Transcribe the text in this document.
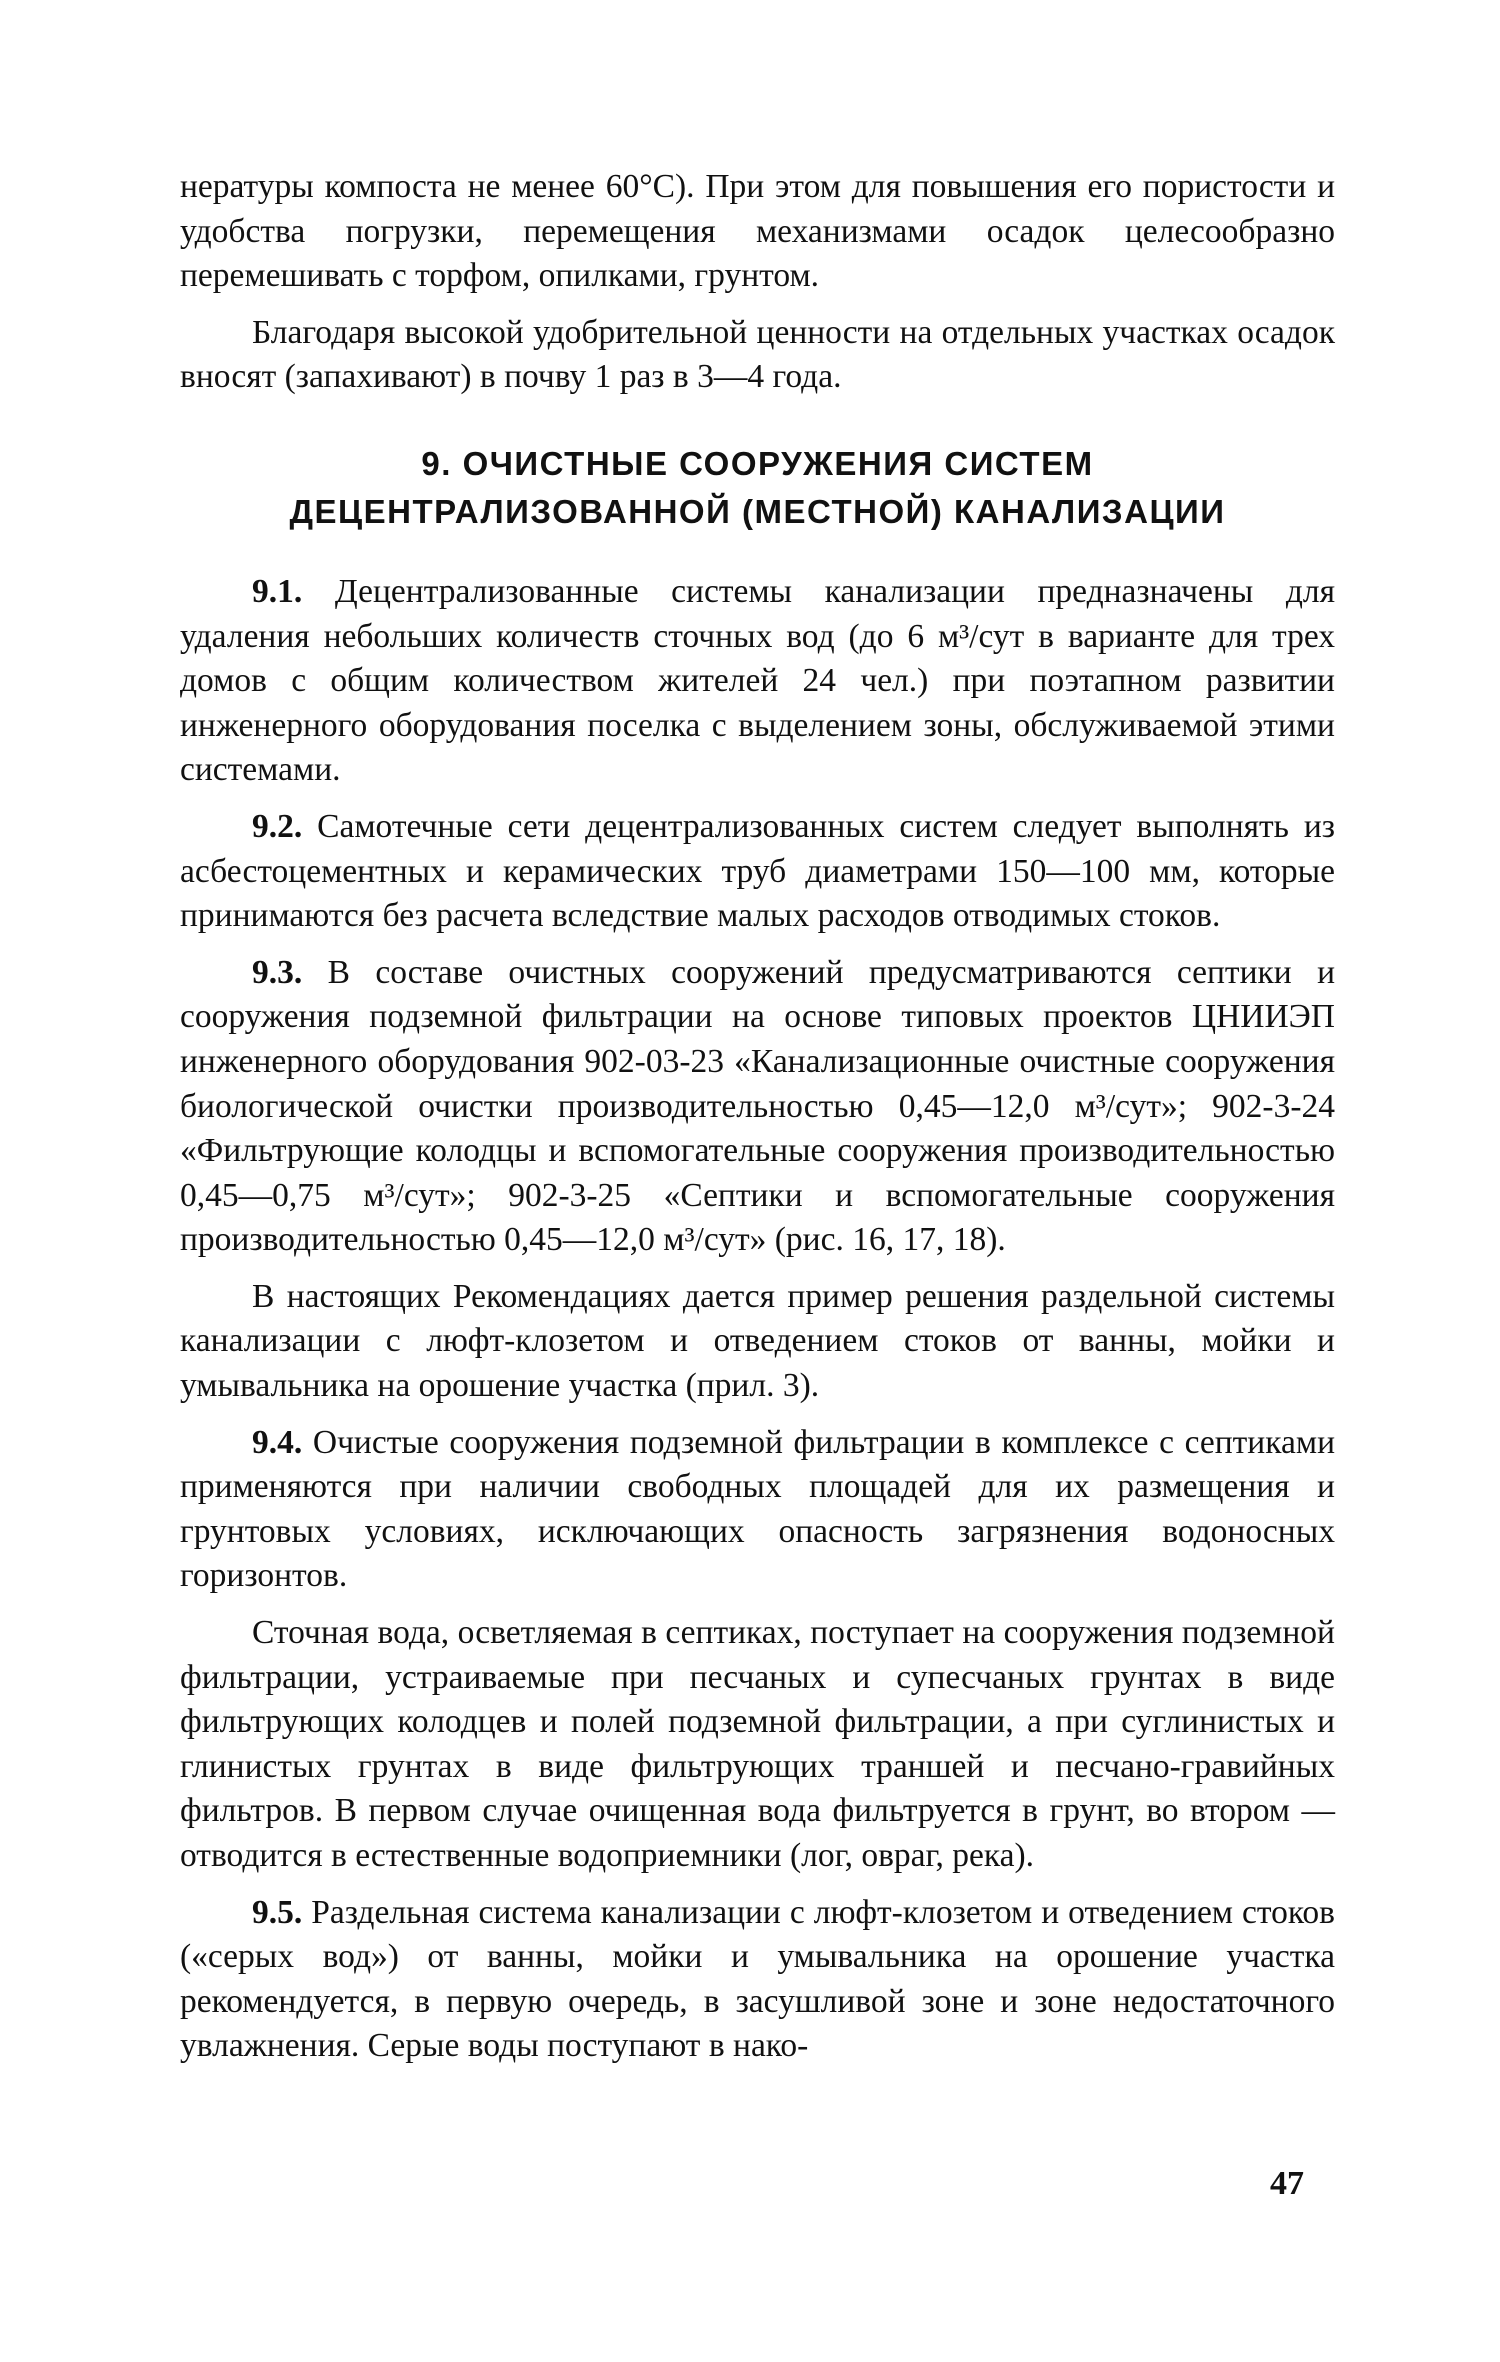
нературы компоста не менее 60°С). При этом для повышения его пористости и удобства погрузки, перемещения механизмами осадок целесообразно перемешивать с торфом, опилками, грунтом.

Благодаря высокой удобрительной ценности на отдельных участках осадок вносят (запахивают) в почву 1 раз в 3—4 года.

9. ОЧИСТНЫЕ СООРУЖЕНИЯ СИСТЕМ
ДЕЦЕНТРАЛИЗОВАННОЙ (МЕСТНОЙ) КАНАЛИЗАЦИИ

9.1. Децентрализованные системы канализации предназначены для удаления небольших количеств сточных вод (до 6 м³/сут в варианте для трех домов с общим количеством жителей 24 чел.) при поэтапном развитии инженерного оборудования поселка с выделением зоны, обслуживаемой этими системами.

9.2. Самотечные сети децентрализованных систем следует выполнять из асбестоцементных и керамических труб диаметрами 150—100 мм, которые принимаются без расчета вследствие малых расходов отводимых стоков.

9.3. В составе очистных сооружений предусматриваются септики и сооружения подземной фильтрации на основе типовых проектов ЦНИИЭП инженерного оборудования 902-03-23 «Канализационные очистные сооружения биологической очистки производительностью 0,45—12,0 м³/сут»; 902-3-24 «Фильтрующие колодцы и вспомогательные сооружения производительностью 0,45—0,75 м³/сут»; 902-3-25 «Септики и вспомогательные сооружения производительностью 0,45—12,0 м³/сут» (рис. 16, 17, 18).

В настоящих Рекомендациях дается пример решения раздельной системы канализации с люфт-клозетом и отведением стоков от ванны, мойки и умывальника на орошение участка (прил. 3).

9.4. Очистые сооружения подземной фильтрации в комплексе с септиками применяются при наличии свободных площадей для их размещения и грунтовых условиях, исключающих опасность загрязнения водоносных горизонтов.

Сточная вода, осветляемая в септиках, поступает на сооружения подземной фильтрации, устраиваемые при песчаных и супесчаных грунтах в виде фильтрующих колодцев и полей подземной фильтрации, а при суглинистых и глинистых грунтах в виде фильтрующих траншей и песчано-гравийных фильтров. В первом случае очищенная вода фильтруется в грунт, во втором — отводится в естественные водоприемники (лог, овраг, река).

9.5. Раздельная система канализации с люфт-клозетом и отведением стоков («серых вод») от ванны, мойки и умывальника на орошение участка рекомендуется, в первую очередь, в засушливой зоне и зоне недостаточного увлажнения. Серые воды поступают в нако-

47
